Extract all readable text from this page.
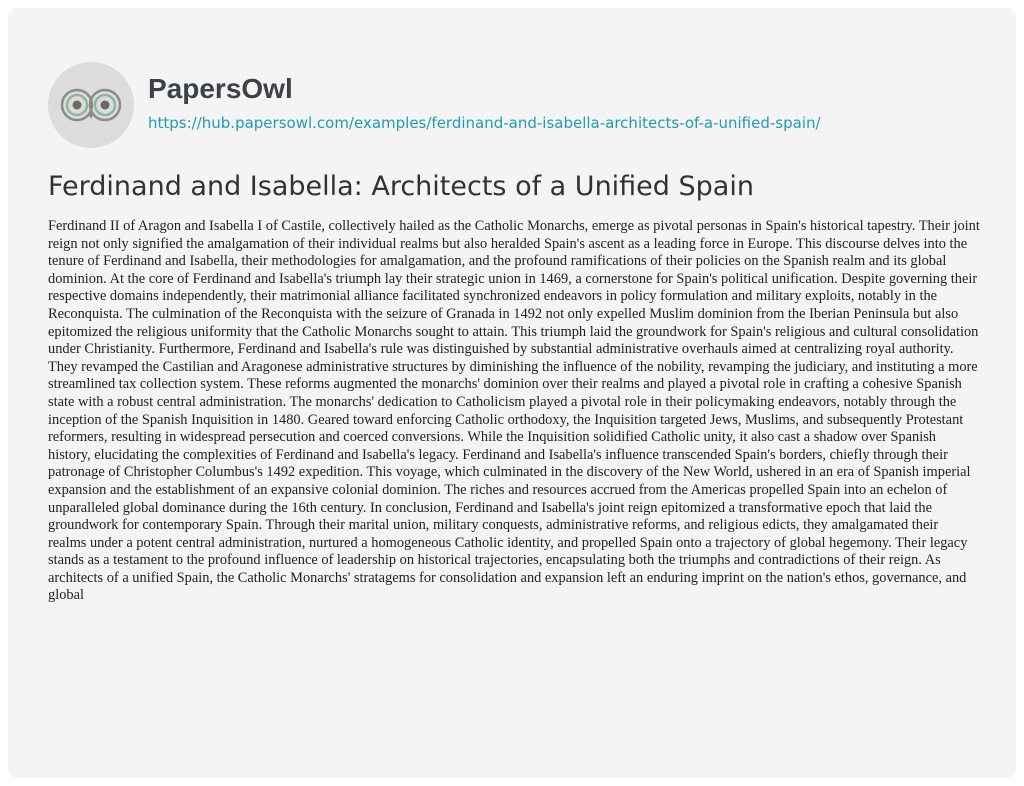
PapersOwl
https://hub.papersowl.com/examples/ferdinand-and-isabella-architects-of-a-unified-spain/
Ferdinand and Isabella: Architects of a Unified Spain

Ferdinand II of Aragon and Isabella I of Castile, collectively hailed as the Catholic Monarchs, emerge as pivotal personas in Spain's historical tapestry. Their joint reign not only signified the amalgamation of their individual realms but also heralded Spain's ascent as a leading force in Europe. This discourse delves into the tenure of Ferdinand and Isabella, their methodologies for amalgamation, and the profound ramifications of their policies on the Spanish realm and its global dominion. At the core of Ferdinand and Isabella's triumph lay their strategic union in 1469, a cornerstone for Spain's political unification. Despite governing their respective domains independently, their matrimonial alliance facilitated synchronized endeavors in policy formulation and military exploits, notably in the Reconquista. The culmination of the Reconquista with the seizure of Granada in 1492 not only expelled Muslim dominion from the Iberian Peninsula but also epitomized the religious uniformity that the Catholic Monarchs sought to attain. This triumph laid the groundwork for Spain's religious and cultural consolidation under Christianity. Furthermore, Ferdinand and Isabella's rule was distinguished by substantial administrative overhauls aimed at centralizing royal authority. They revamped the Castilian and Aragonese administrative structures by diminishing the influence of the nobility, revamping the judiciary, and instituting a more streamlined tax collection system. These reforms augmented the monarchs' dominion over their realms and played a pivotal role in crafting a cohesive Spanish state with a robust central administration. The monarchs' dedication to Catholicism played a pivotal role in their policymaking endeavors, notably through the inception of the Spanish Inquisition in 1480. Geared toward enforcing Catholic orthodoxy, the Inquisition targeted Jews, Muslims, and subsequently Protestant reformers, resulting in widespread persecution and coerced conversions. While the Inquisition solidified Catholic unity, it also cast a shadow over Spanish history, elucidating the complexities of Ferdinand and Isabella's legacy. Ferdinand and Isabella's influence transcended Spain's borders, chiefly through their patronage of Christopher Columbus's 1492 expedition. This voyage, which culminated in the discovery of the New World, ushered in an era of Spanish imperial expansion and the establishment of an expansive colonial dominion. The riches and resources accrued from the Americas propelled Spain into an echelon of unparalleled global dominance during the 16th century. In conclusion, Ferdinand and Isabella's joint reign epitomized a transformative epoch that laid the groundwork for contemporary Spain. Through their marital union, military conquests, administrative reforms, and religious edicts, they amalgamated their realms under a potent central administration, nurtured a homogeneous Catholic identity, and propelled Spain onto a trajectory of global hegemony. Their legacy stands as a testament to the profound influence of leadership on historical trajectories, encapsulating both the triumphs and contradictions of their reign. As architects of a unified Spain, the Catholic Monarchs' stratagems for consolidation and expansion left an enduring imprint on the nation's ethos, governance, and global
